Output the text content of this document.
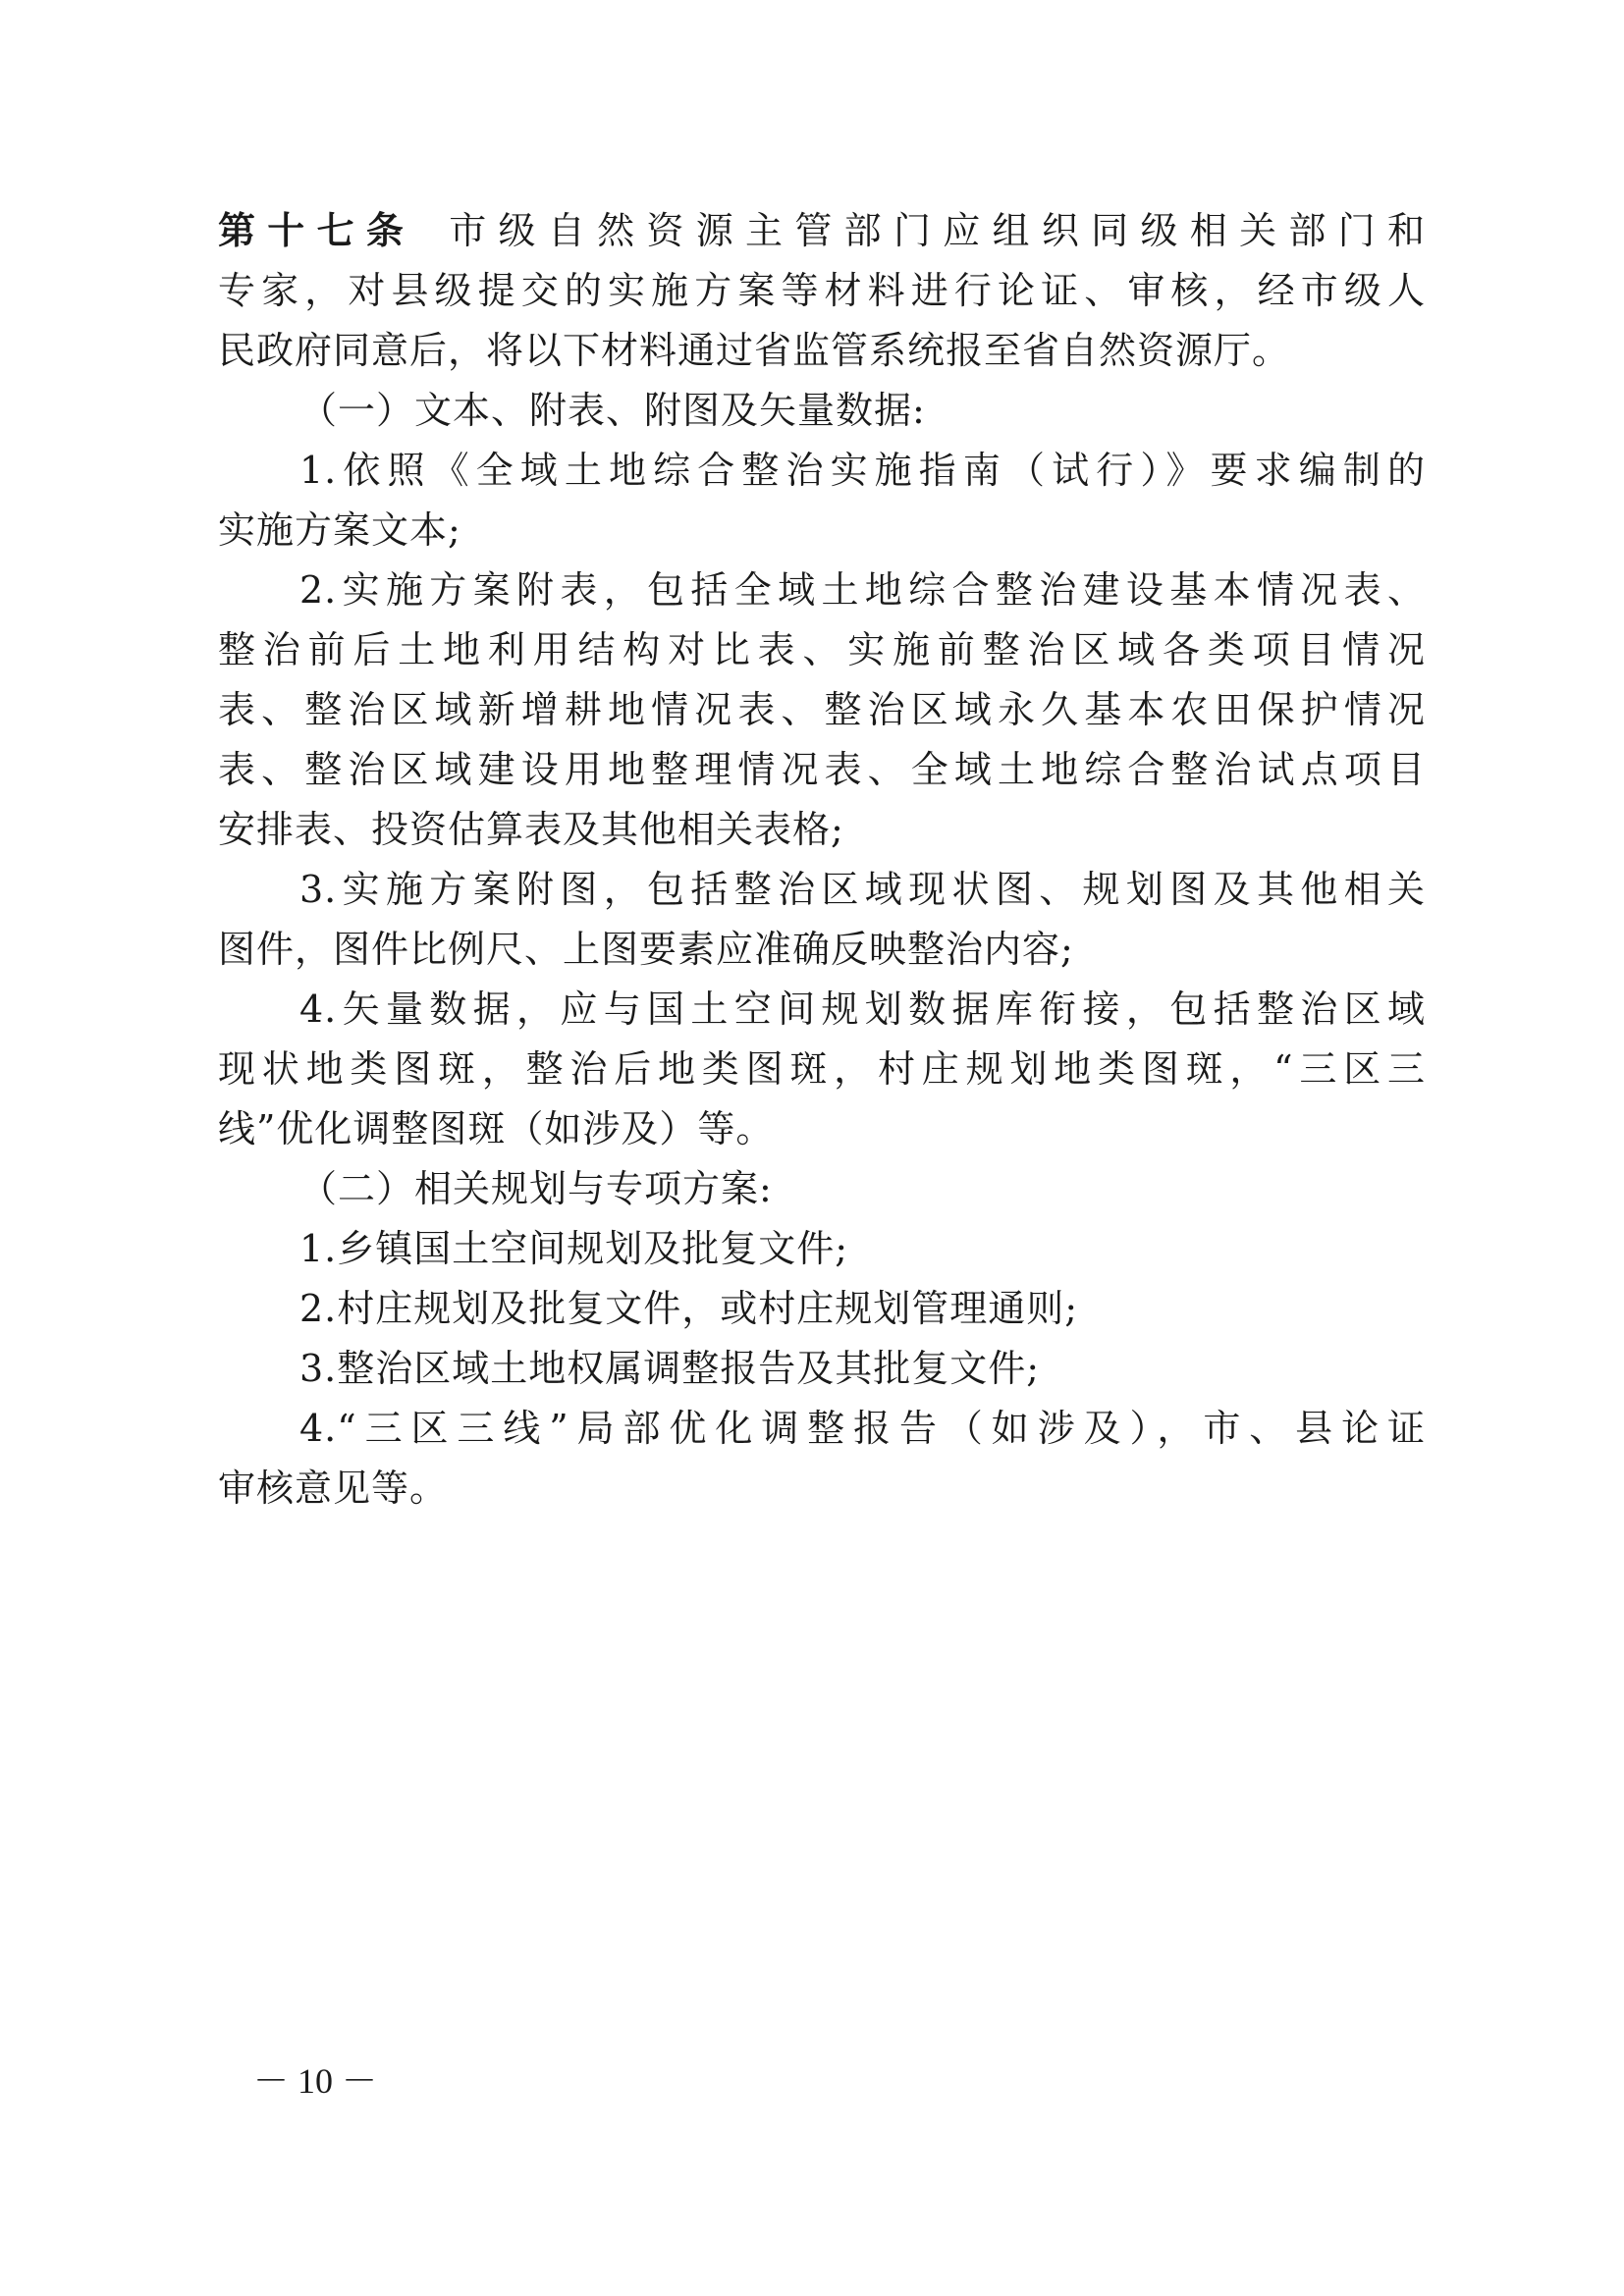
第十七条 市级自然资源主管部门应组织同级相关部门和
专家，对县级提交的实施方案等材料进行论证、审核，经市级人
民政府同意后，将以下材料通过省监管系统报至省自然资源厅。
（一）文本、附表、附图及矢量数据:
1.依照《全域土地综合整治实施指南（试行）》要求编制的
实施方案文本;
2.实施方案附表，包括全域土地综合整治建设基本情况表、
整治前后土地利用结构对比表、实施前整治区域各类项目情况
表、整治区域新增耕地情况表、整治区域永久基本农田保护情况
表、整治区域建设用地整理情况表、全域土地综合整治试点项目
安排表、投资估算表及其他相关表格;
3.实施方案附图，包括整治区域现状图、规划图及其他相关
图件，图件比例尺、上图要素应准确反映整治内容;
4.矢量数据，应与国土空间规划数据库衔接，包括整治区域
现状地类图斑，整治后地类图斑，村庄规划地类图斑，“三区三
线”优化调整图斑（如涉及）等。
（二）相关规划与专项方案:
1.乡镇国土空间规划及批复文件;
2.村庄规划及批复文件，或村庄规划管理通则;
3.整治区域土地权属调整报告及其批复文件;
4.“三区三线”局部优化调整报告（如涉及），市、县论证
审核意见等。
－ 10 －
